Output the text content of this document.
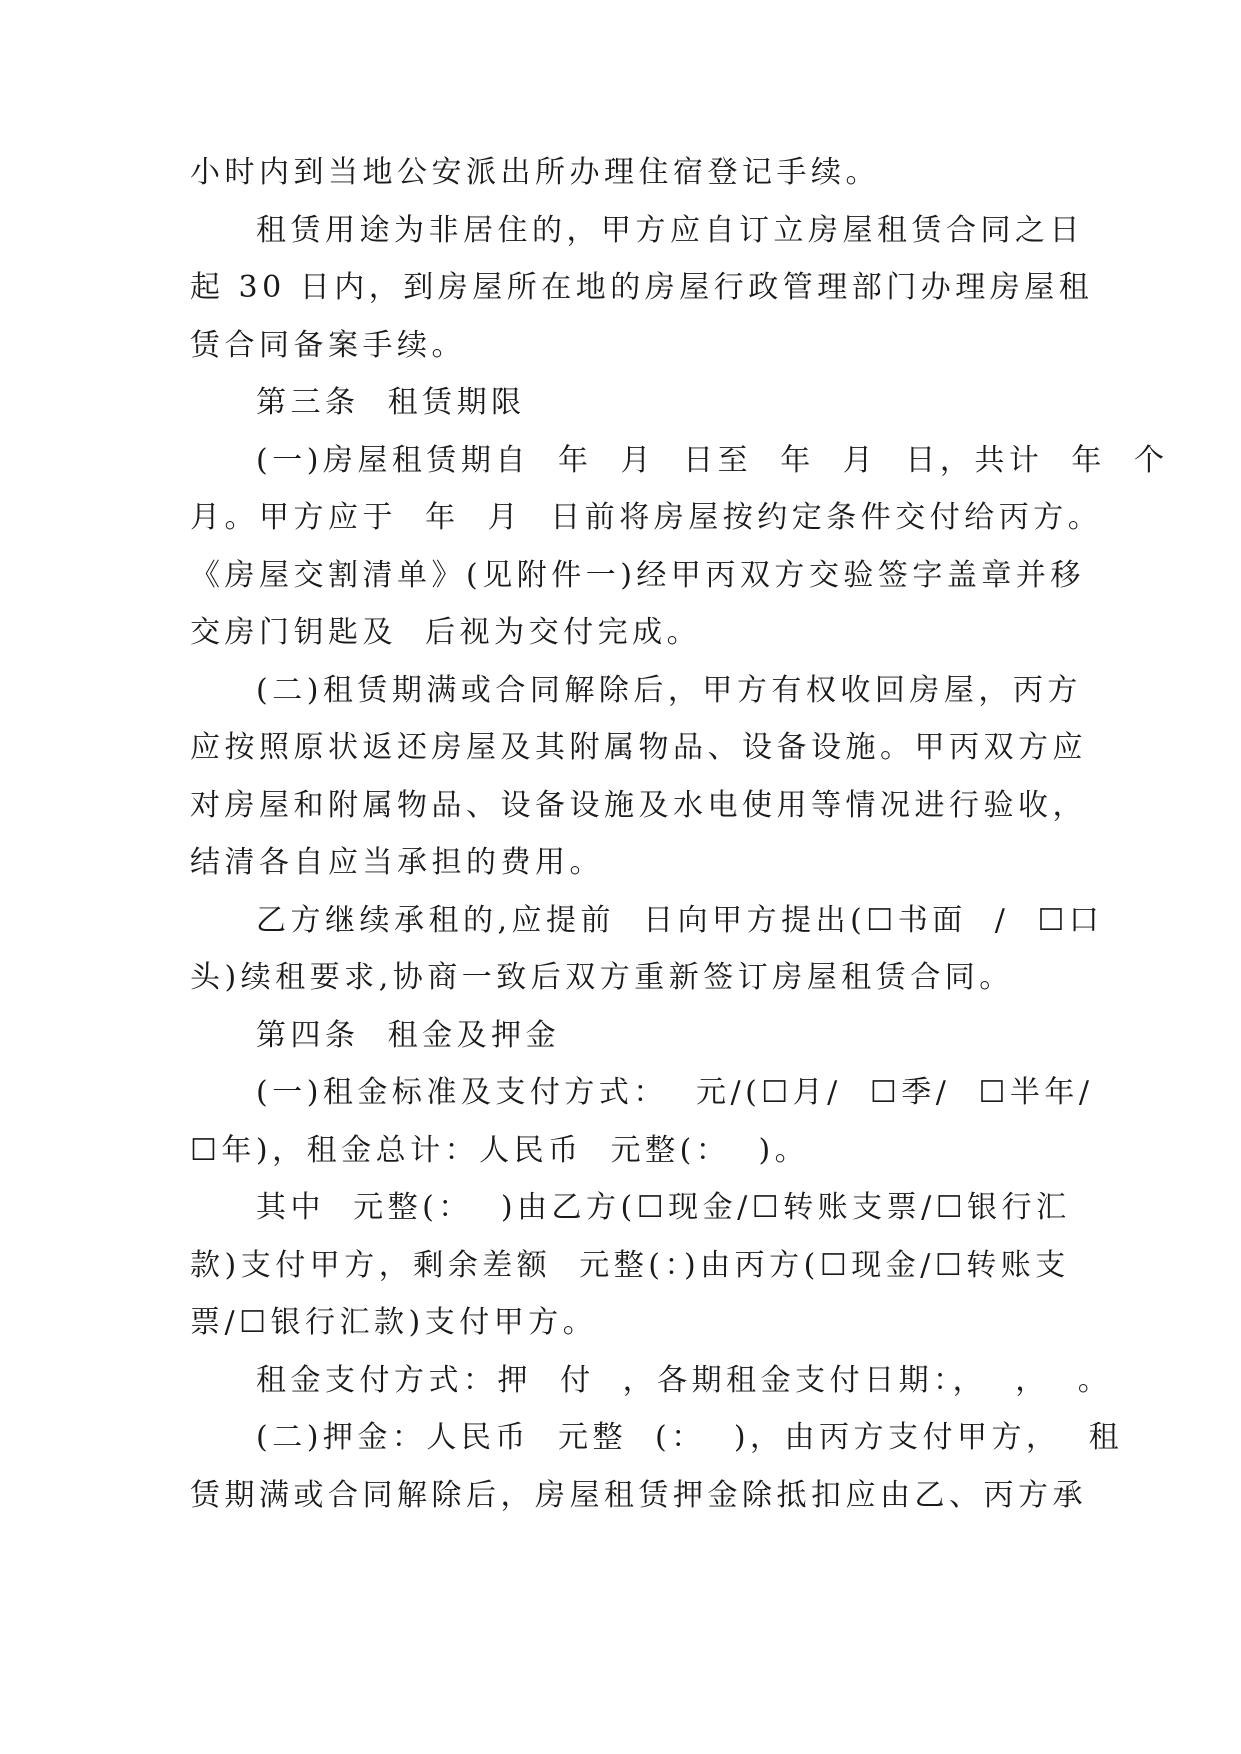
小时内到当地公安派出所办理住宿登记手续。

租赁用途为非居住的，甲方应自订立房屋租赁合同之日

起 30 日内，到房屋所在地的房屋行政管理部门办理房屋租

赁合同备案手续。

第三条  租赁期限

(一)房屋租赁期自  年  月  日至  年  月  日，共计  年  个

月。甲方应于  年  月  日前将房屋按约定条件交付给丙方。

《房屋交割清单》(见附件一)经甲丙双方交验签字盖章并移

交房门钥匙及  后视为交付完成。

(二)租赁期满或合同解除后，甲方有权收回房屋，丙方

应按照原状返还房屋及其附属物品、设备设施。甲丙双方应

对房屋和附属物品、设备设施及水电使用等情况进行验收，

结清各自应当承担的费用。

乙方继续承租的,应提前  日向甲方提出(☐书面  /  ☐口

头)续租要求,协商一致后双方重新签订房屋租赁合同。

第四条  租金及押金

(一)租金标准及支付方式：  元/(☐月/  ☐季/  ☐半年/

☐年)，租金总计：人民币  元整(：  )。

其中  元整(：  )由乙方(☐现金/☐转账支票/☐银行汇

款)支付甲方，剩余差额  元整(：)由丙方(☐现金/☐转账支

票/☐银行汇款)支付甲方。

租金支付方式：押  付  ，各期租金支付日期：，  ，  。

(二)押金：人民币  元整  (：  )，由丙方支付甲方，  租

赁期满或合同解除后，房屋租赁押金除抵扣应由乙、丙方承
